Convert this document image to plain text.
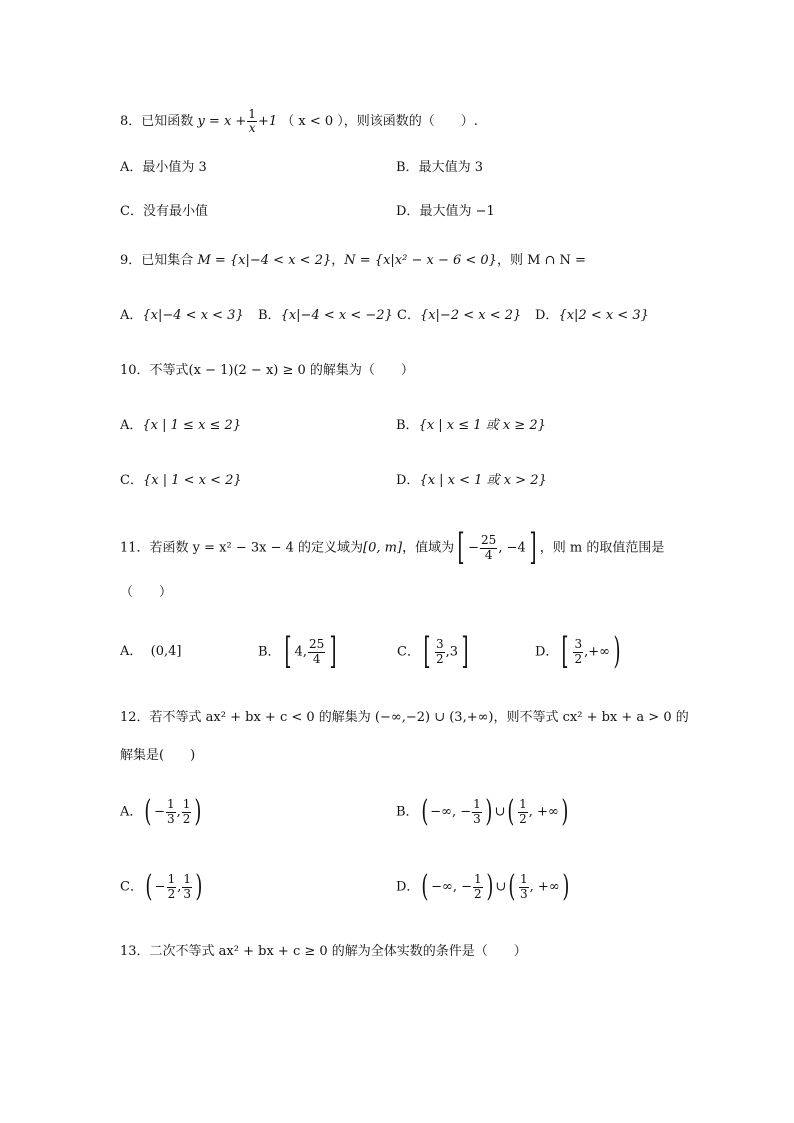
8．已知函数 $y = x + \frac{1}{x} +1$ （ x < 0 ），则该函数的（　　）.
A．最小值为 3	B．最大值为 3
C．没有最小值	D．最大值为 −1
9．已知集合 M = {x|−4 < x < 2}，N = {x|x² − x − 6 < 0}，则 M ∩ N =
A．{x|−4 < x < 3} B．{x|−4 < x < −2} C．{x|−2 < x < 2} D．{x|2 < x < 3}
10．不等式(x − 1)(2 − x) ≥ 0 的解集为（　　）
A．{x | 1 ≤ x ≤ 2}	B．{x | x ≤ 1 或 x ≥ 2}
C．{x | 1 < x < 2}	D．{x | x < 1 或 x > 2}
11．若函数 y = x² − 3x − 4 的定义域为[0, m]，值域为[ − $\frac{25}{4}$ , −4] ，则 m 的取值范围是
（　　）
A． (0,4]	B．[ 4, $\frac{25}{4}$ ]	C．[ $\frac{3}{2} ,3$]	D．[ $\frac{3}{2}$ ,+∞)
12．若不等式 ax² + bx + c < 0 的解集为 (−∞,−2) ∪ (3,+∞)，则不等式 cx² + bx + a > 0 的
解集是(　　)
A．( − $\frac{1}{3}$ , $\frac{1}{2}$ )	B．( −∞, − $\frac{1}{3}$ ) ∪( $\frac{1}{2}$ , +∞)
C．( − $\frac{1}{2}$ , $\frac{1}{3}$ )	D．( −∞, − $\frac{1}{2}$ ) ∪( $\frac{1}{3}$ , +∞)
13．二次不等式 ax² + bx + c ≥ 0 的解为全体实数的条件是（　　）
